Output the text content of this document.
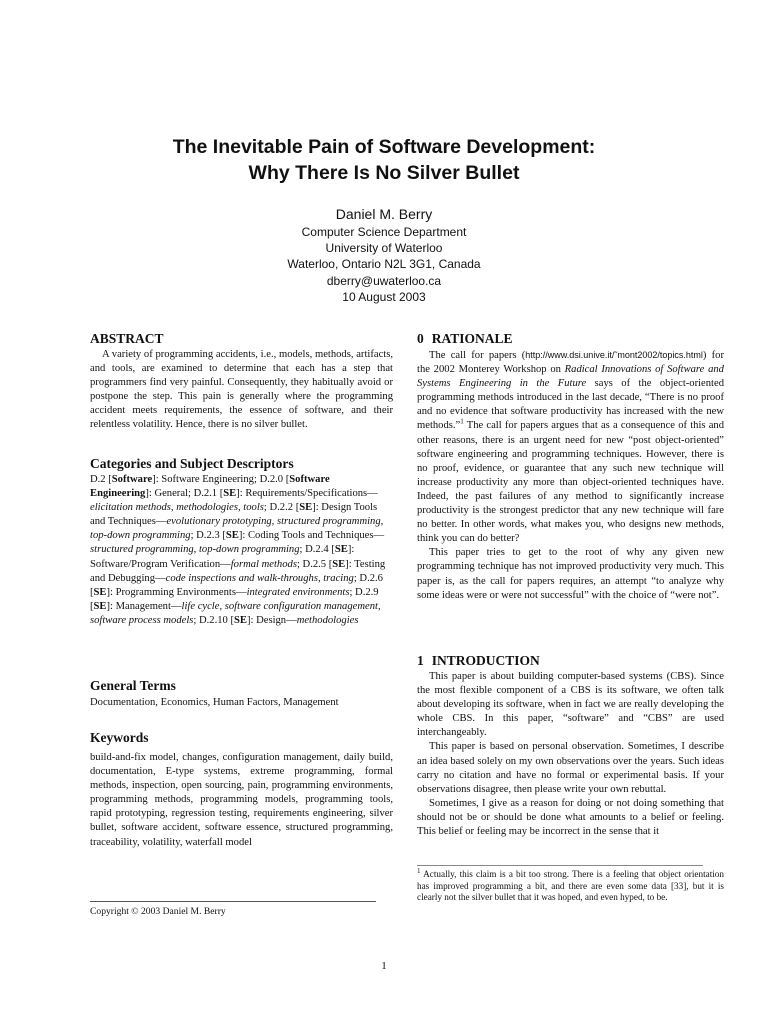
The Inevitable Pain of Software Development:
Why There Is No Silver Bullet
Daniel M. Berry
Computer Science Department
University of Waterloo
Waterloo, Ontario N2L 3G1, Canada
dberry@uwaterloo.ca
10 August 2003
ABSTRACT

A variety of programming accidents, i.e., models, methods, artifacts, and tools, are examined to determine that each has a step that programmers find very painful. Consequently, they habitually avoid or postpone the step. This pain is generally where the programming accident meets requirements, the essence of software, and their relentless volatility. Hence, there is no silver bullet.

Categories and Subject Descriptors

D.2 [Software]: Software Engineering; D.2.0 [Software Engineering]: General; D.2.1 [SE]: Requirements/Specifications—elicitation methods, methodologies, tools; D.2.2 [SE]: Design Tools and Techniques—evolutionary prototyping, structured programming, top-down programming; D.2.3 [SE]: Coding Tools and Techniques—structured programming, top-down programming; D.2.4 [SE]: Software/Program Verification—formal methods; D.2.5 [SE]: Testing and Debugging—code inspections and walk-throughs, tracing; D.2.6 [SE]: Programming Environments—integrated environments; D.2.9 [SE]: Management—life cycle, software configuration management, software process models; D.2.10 [SE]: Design—methodologies

General Terms

Documentation, Economics, Human Factors, Management

Keywords

build-and-fix model, changes, configuration management, daily build, documentation, E-type systems, extreme programming, formal methods, inspection, open sourcing, pain, programming environments, programming methods, programming models, programming tools, rapid prototyping, regression testing, requirements engineering, silver bullet, software accident, software essence, structured programming, traceability, volatility, waterfall model

Copyright © 2003 Daniel M. Berry
0 RATIONALE

The call for papers (http://www.dsi.unive.it/˜mont2002/topics.html) for the 2002 Monterey Workshop on Radical Innovations of Software and Systems Engineering in the Future says of the object-oriented programming methods introduced in the last decade, “There is no proof and no evidence that software productivity has increased with the new methods.”$^1$ The call for papers argues that as a consequence of this and other reasons, there is an urgent need for new “post object-oriented” software engineering and programming techniques. However, there is no proof, evidence, or guarantee that any such new technique will increase productivity any more than object-oriented techniques have. Indeed, the past failures of any method to significantly increase productivity is the strongest predictor that any new technique will fare no better. In other words, what makes you, who designs new methods, think you can do better?

This paper tries to get to the root of why any given new programming technique has not improved productivity very much. This paper is, as the call for papers requires, an attempt “to analyze why some ideas were or were not successful” with the choice of “were not”.

1 INTRODUCTION

This paper is about building computer-based systems (CBS). Since the most flexible component of a CBS is its software, we often talk about developing its software, when in fact we are really developing the whole CBS. In this paper, “software” and “CBS” are used interchangeably.

This paper is based on personal observation. Sometimes, I describe an idea based solely on my own observations over the years. Such ideas carry no citation and have no formal or experimental basis. If your observations disagree, then please write your own rebuttal.

Sometimes, I give as a reason for doing or not doing something that should not be or should be done what amounts to a belief or feeling. This belief or feeling may be incorrect in the sense that it

$^1$ Actually, this claim is a bit too strong. There is a feeling that object orientation has improved programming a bit, and there are even some data [33], but it is clearly not the silver bullet that it was hoped, and even hyped, to be.
1
